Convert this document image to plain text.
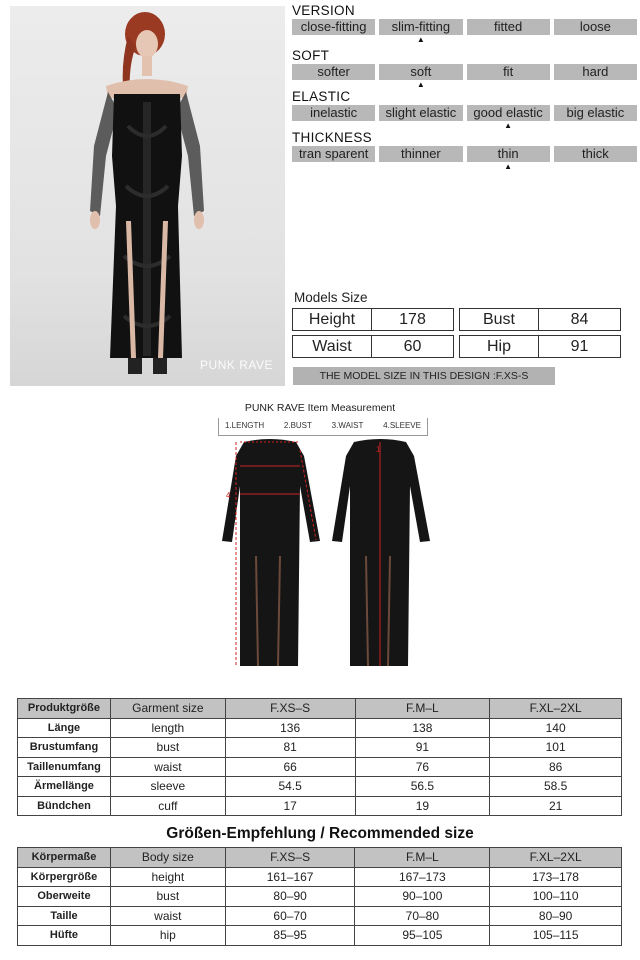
PUNK RAVE
VERSION
close-fitting	slim-fitting	fitted	loose
▲
SOFT
softer	soft	fit	hard
▲
ELASTIC
inelastic	slight elastic	good elastic	big elastic
▲
THICKNESS
tran sparent	thinner	thin	thick
▲
Models Size
Height	178	Bust	84
Waist	60	Hip	91
THE MODEL SIZE IN THIS DESIGN :F.XS-S
PUNK RAVE Item Measurement
1.LENGTH 2.BUST 3.WAIST 4.SLEEVE
4
1
Produktgröße	Garment size	F.XS–S	F.M–L	F.XL–2XL
Länge	length	136	138	140
Brustumfang	bust	81	91	101
Taillenumfang	waist	66	76	86
Ärmellänge	sleeve	54.5	56.5	58.5
Bündchen	cuff	17	19	21
Größen-Empfehlung / Recommended size
Körpermaße	Body size	F.XS–S	F.M–L	F.XL–2XL
Körpergröße	height	161–167	167–173	173–178
Oberweite	bust	80–90	90–100	100–110
Taille	waist	60–70	70–80	80–90
Hüfte	hip	85–95	95–105	105–115
